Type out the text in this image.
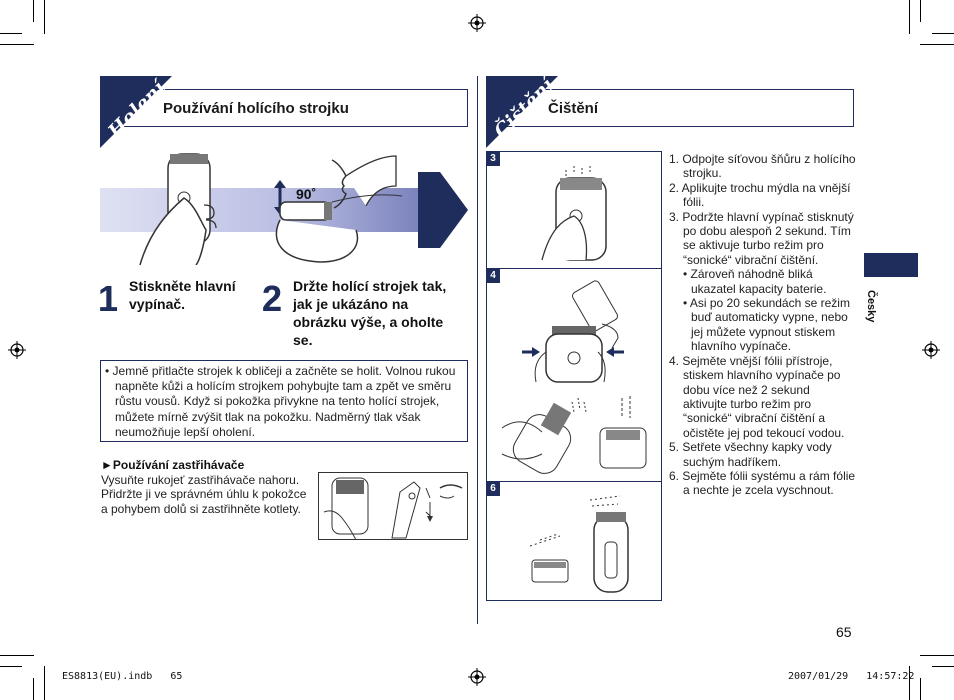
Holení
Používání holícího strojku
90˚
1 Stiskněte hlavní vypínač.	2 Držte holící strojek tak, jak je ukázáno na obrázku výše, a oholte se.
• Jemně přitlačte strojek k obličeji a začněte se holit. Volnou rukou napněte kůži a holícím strojkem pohybujte tam a zpět ve směru růstu vousů. Když si pokožka přivykne na tento holící strojek, můžete mírně zvýšit tlak na pokožku. Nadměrný tlak však neumožňuje lepší oholení.
►Používání zastřihávače
Vysuňte rukojeť zastřihávače nahoru. Přidržte ji ve správném úhlu k pokožce a pohybem dolů si zastřihněte kotlety.
Čištění
Čištění
3
4
6

1. Odpojte síťovou šňůru z holícího strojku.

2. Aplikujte trochu mýdla na vnější fólii.

3. Podržte hlavní vypínač stisknutý po dobu alespoň 2 sekund. Tím se aktivuje turbo režim pro “sonické“ vibrační čištění.

• Zároveň náhodně bliká ukazatel kapacity baterie.

• Asi po 20 sekundách se režim buď automaticky vypne, nebo jej můžete vypnout stiskem hlavního vypínače.

4. Sejměte vnější fólii přístroje, stiskem hlavního vypínače po dobu více než 2 sekund aktivujte turbo režim pro “sonické“ vibrační čištění a očistěte jej pod tekoucí vodou.

5. Setřete všechny kapky vody suchým hadříkem.

6. Sejměte fólii systému a rám fólie a nechte je zcela vyschnout.

Česky
65
ES8813(EU).indb   65	2007/01/29   14:57:22
